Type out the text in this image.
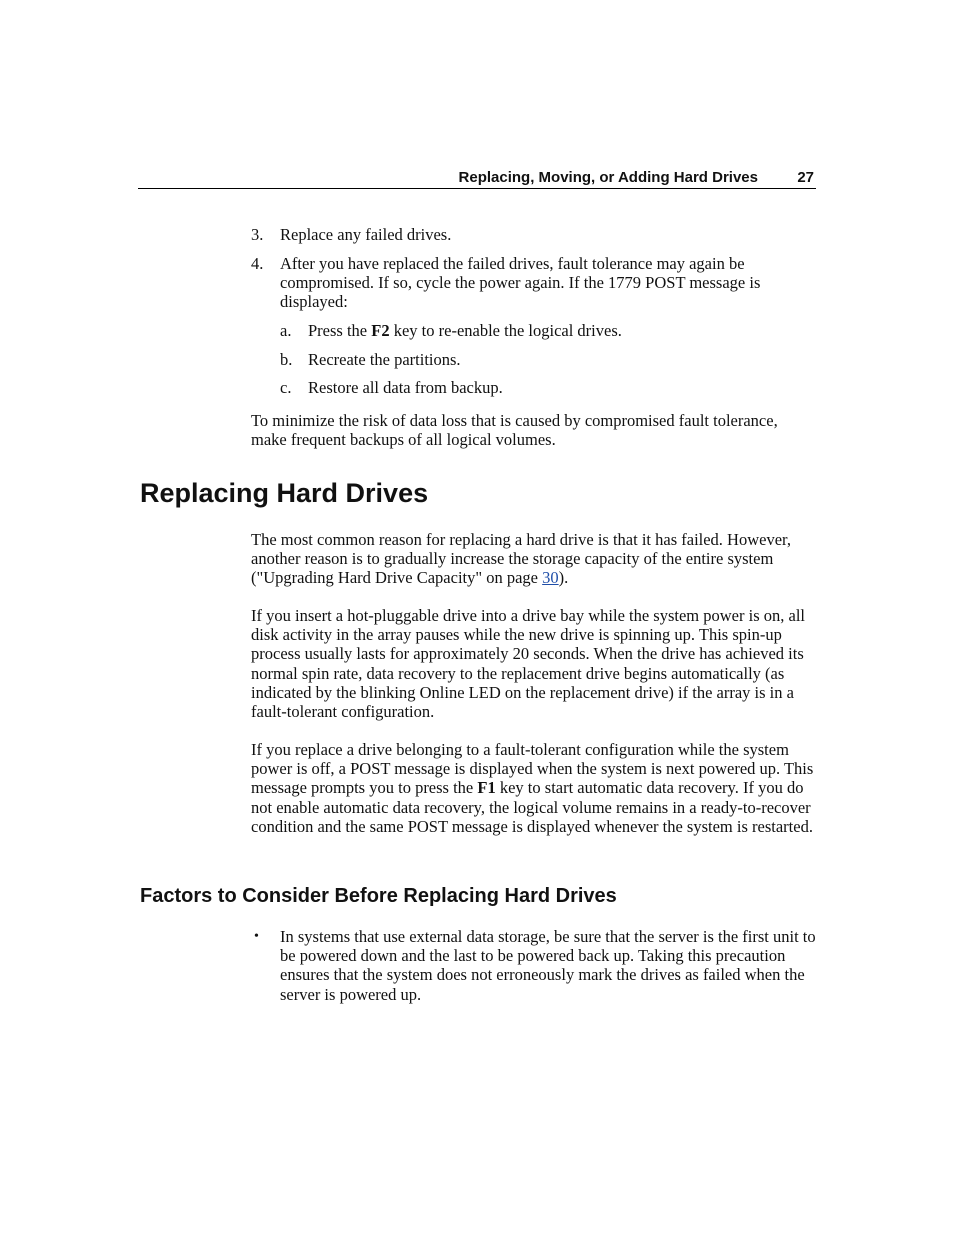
Replacing, Moving, or Adding Hard Drives	27
3. Replace any failed drives.

4. After you have replaced the failed drives, fault tolerance may again be compromised. If so, cycle the power again. If the 1779 POST message is displayed:

a. Press the F2 key to re-enable the logical drives.

b. Recreate the partitions.

c. Restore all data from backup.

To minimize the risk of data loss that is caused by compromised fault tolerance, make frequent backups of all logical volumes.

Replacing Hard Drives

The most common reason for replacing a hard drive is that it has failed. However, another reason is to gradually increase the storage capacity of the entire system ("Upgrading Hard Drive Capacity" on page 30).

If you insert a hot-pluggable drive into a drive bay while the system power is on, all disk activity in the array pauses while the new drive is spinning up. This spin-up process usually lasts for approximately 20 seconds. When the drive has achieved its normal spin rate, data recovery to the replacement drive begins automatically (as indicated by the blinking Online LED on the replacement drive) if the array is in a fault-tolerant configuration.

If you replace a drive belonging to a fault-tolerant configuration while the system power is off, a POST message is displayed when the system is next powered up. This message prompts you to press the F1 key to start automatic data recovery. If you do not enable automatic data recovery, the logical volume remains in a ready-to-recover condition and the same POST message is displayed whenever the system is restarted.

Factors to Consider Before Replacing Hard Drives
• In systems that use external data storage, be sure that the server is the first unit to be powered down and the last to be powered back up. Taking this precaution ensures that the system does not erroneously mark the drives as failed when the server is powered up.
